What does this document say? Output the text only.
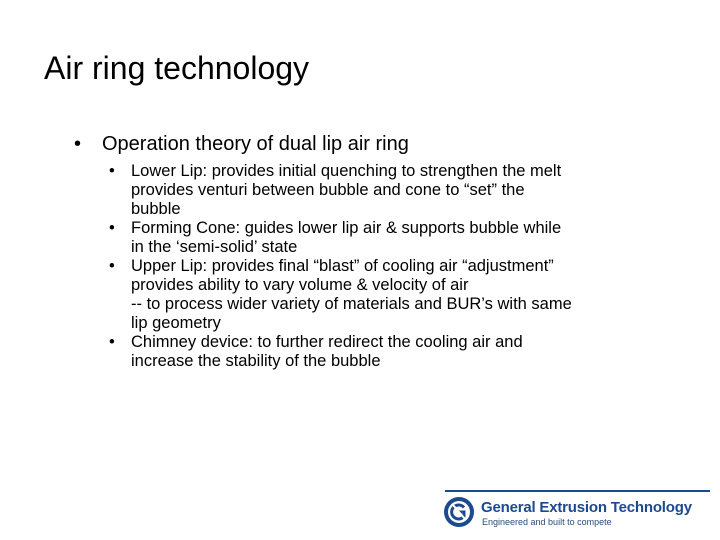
Air ring technology
• Operation theory of dual lip air ring
• Lower Lip: provides initial quenching to strengthen the melt
provides venturi between bubble and cone to “set” the
bubble
• Forming Cone: guides lower lip air & supports bubble while
in the ‘semi-solid’ state
• Upper Lip: provides final “blast” of cooling air “adjustment”
provides ability to vary volume & velocity of air
-- to process wider variety of materials and BUR’s with same
lip geometry
• Chimney device: to further redirect the cooling air and
increase the stability of the bubble
General Extrusion Technology
Engineered and built to compete
